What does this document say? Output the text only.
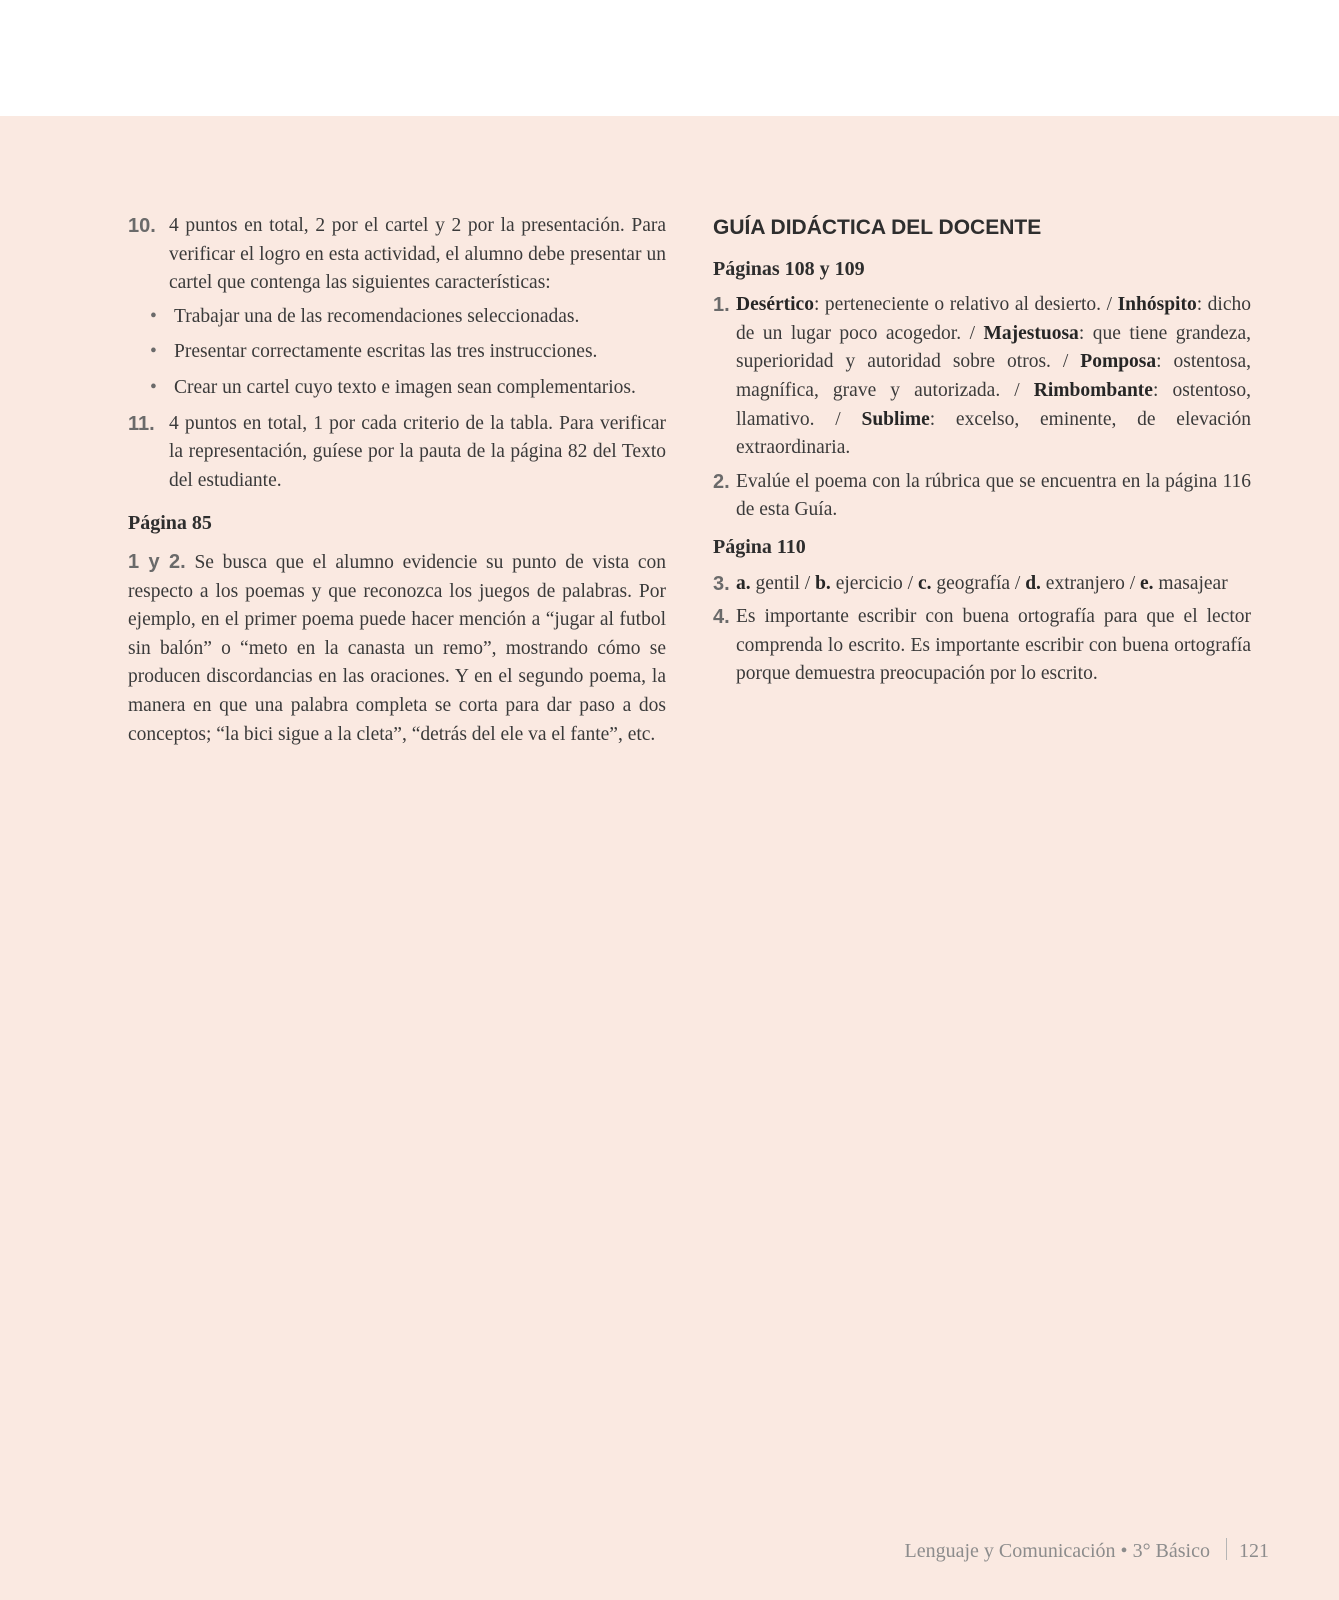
10. 4 puntos en total, 2 por el cartel y 2 por la presentación. Para verificar el logro en esta actividad, el alumno debe presentar un cartel que contenga las siguientes características:
• Trabajar una de las recomendaciones seleccionadas.
• Presentar correctamente escritas las tres instrucciones.
• Crear un cartel cuyo texto e imagen sean complementarios.
11. 4 puntos en total, 1 por cada criterio de la tabla. Para verificar la representación, guíese por la pauta de la página 82 del Texto del estudiante.
Página 85
1 y 2. Se busca que el alumno evidencie su punto de vista con respecto a los poemas y que reconozca los juegos de palabras. Por ejemplo, en el primer poema puede hacer mención a “jugar al futbol sin balón” o “meto en la canasta un remo”, mostrando cómo se producen discordancias en las oraciones. Y en el segundo poema, la manera en que una palabra completa se corta para dar paso a dos conceptos; “la bici sigue a la cleta”, “detrás del ele va el fante”, etc.
GUÍA DIDÁCTICA DEL DOCENTE
Páginas 108 y 109
1. Desértico: perteneciente o relativo al desierto. / Inhóspito: dicho de un lugar poco acogedor. / Majestuosa: que tiene grandeza, superioridad y autoridad sobre otros. / Pomposa: ostentosa, magnífica, grave y autorizada. / Rimbombante: ostentoso, llamativo. / Sublime: excelso, eminente, de elevación extraordinaria.
2. Evalúe el poema con la rúbrica que se encuentra en la página 116 de esta Guía.
Página 110
3. a. gentil / b. ejercicio / c. geografía / d. extranjero / e. masajear
4. Es importante escribir con buena ortografía para que el lector comprenda lo escrito. Es importante escribir con buena ortografía porque demuestra preocupación por lo escrito.
Lenguaje y Comunicación • 3° Básico 121
